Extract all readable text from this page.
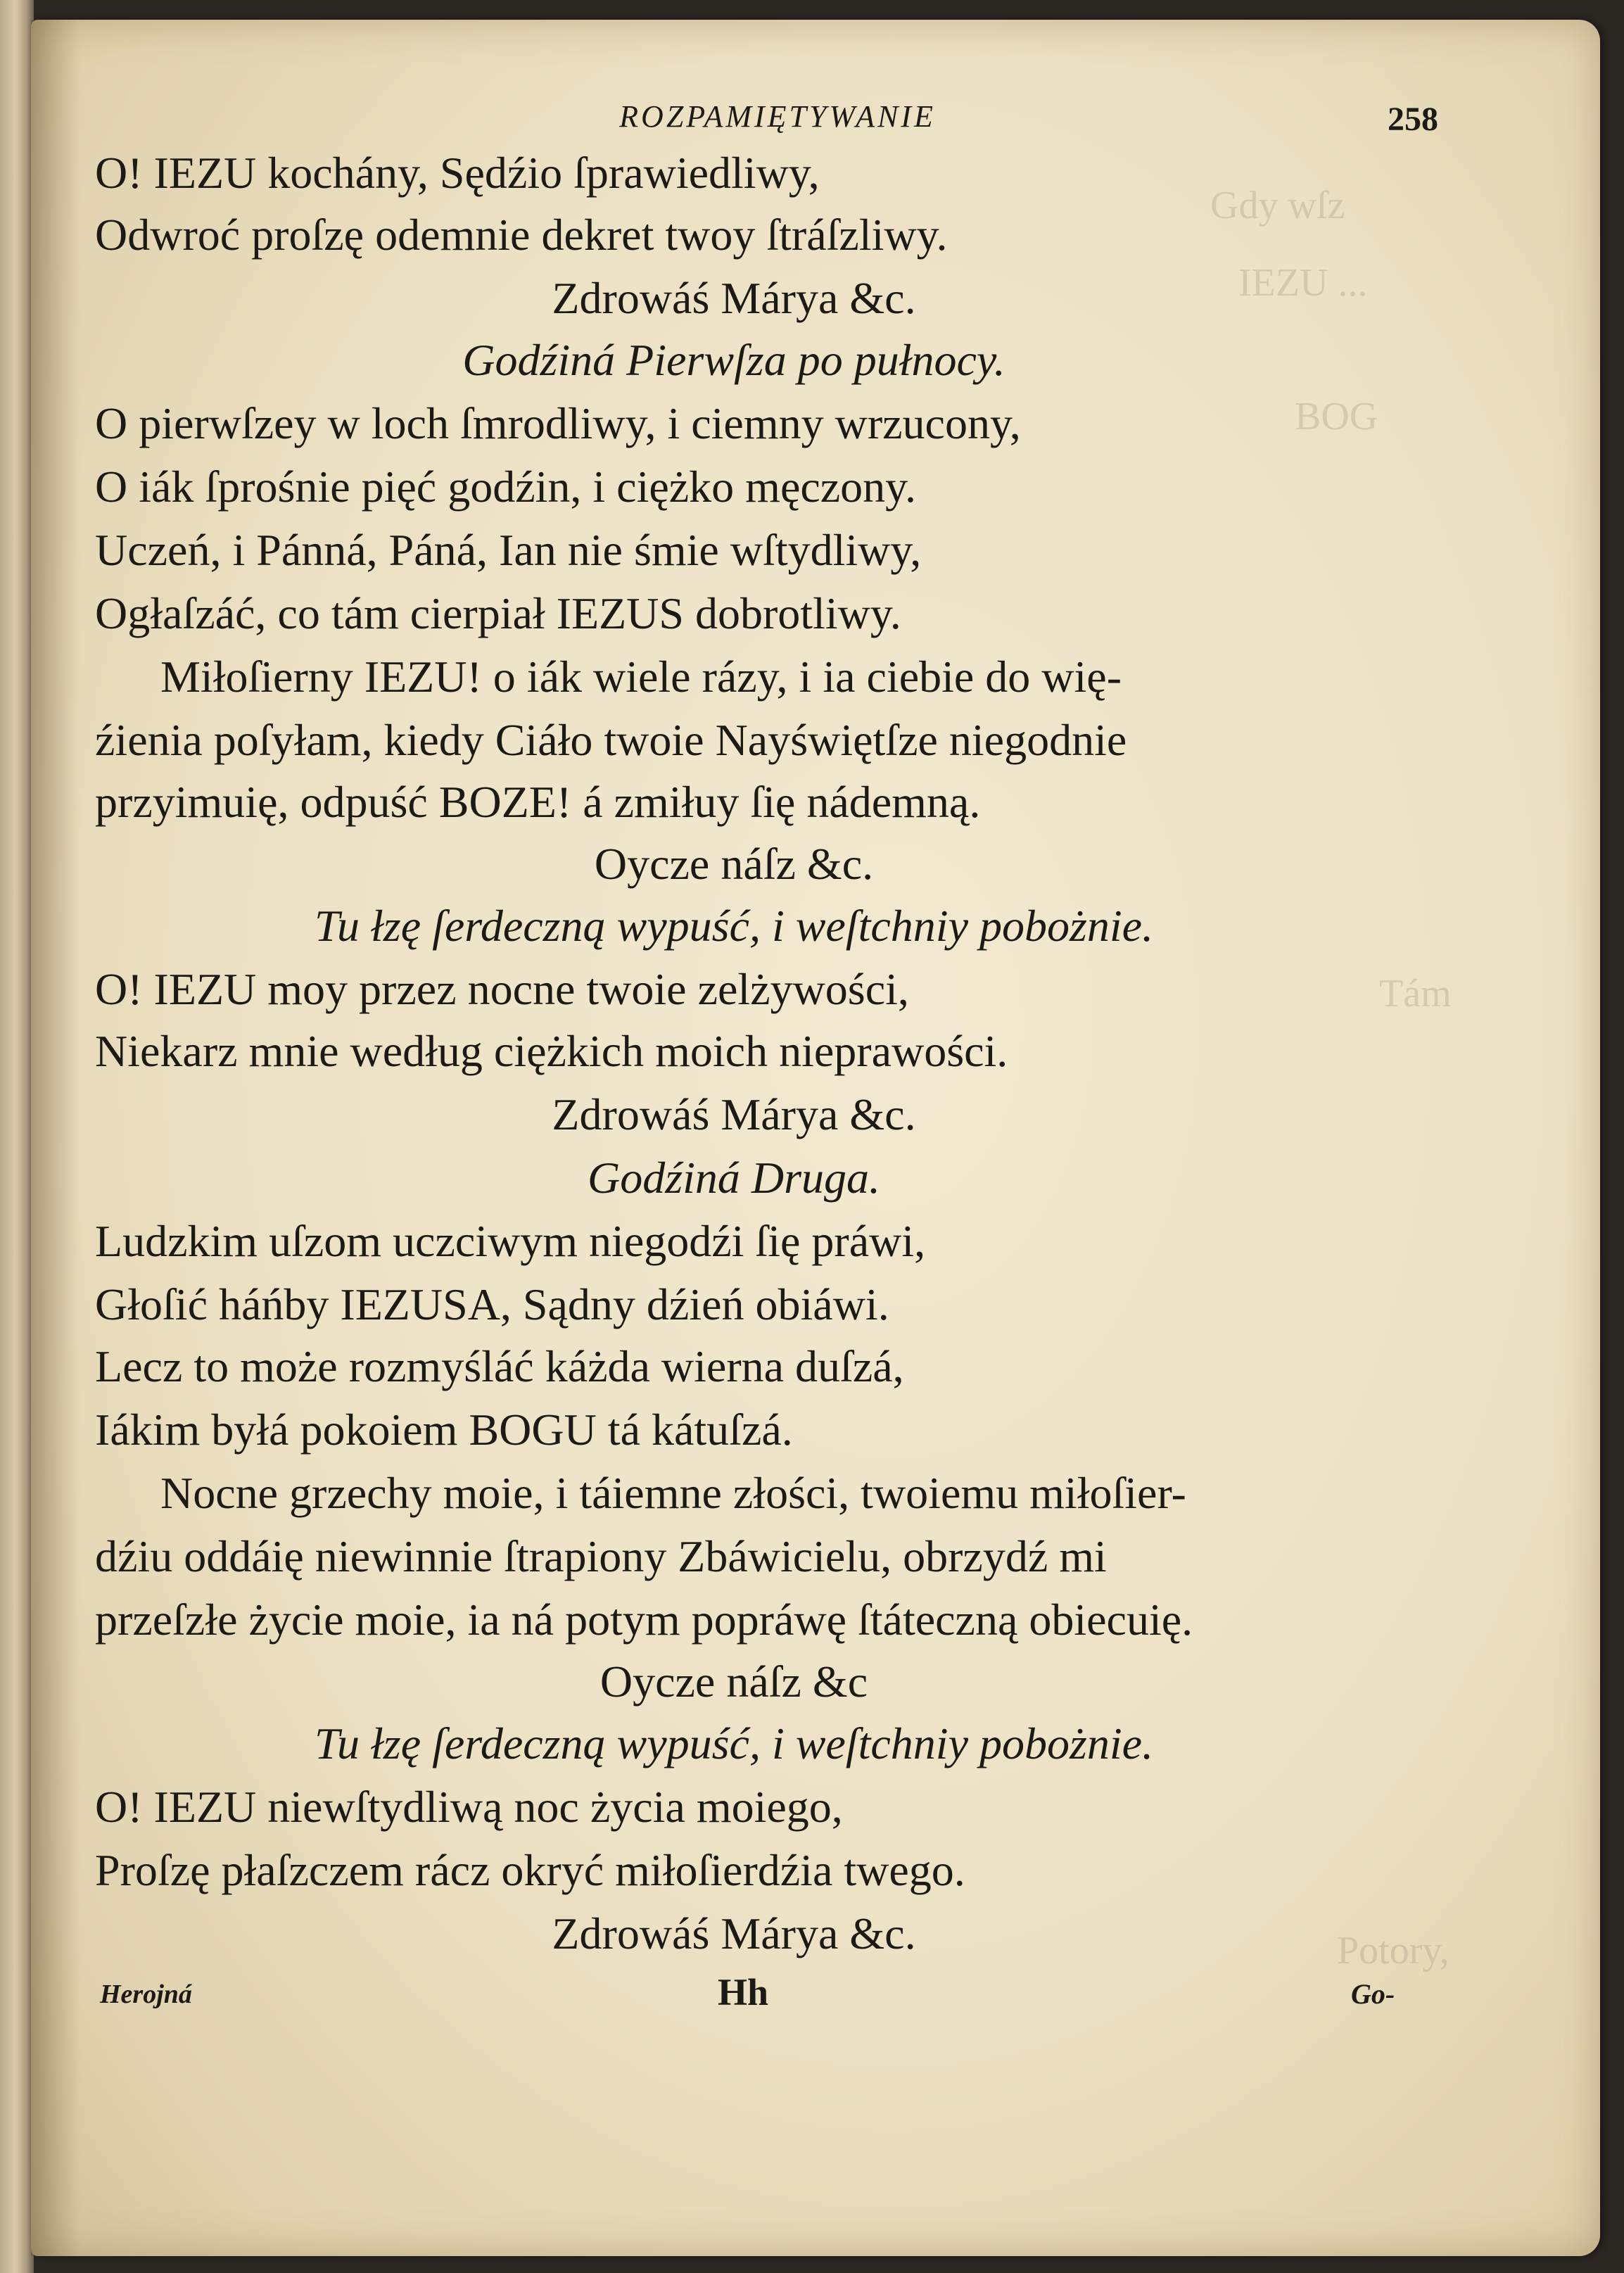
Gdy wſz
IEZU ...
BOG
Tám
Potory,
ROZPAMIĘTYWANIE	258
O! IEZU kochány, Sędźio ſprawiedliwy,
Odwroć proſzę odemnie dekret twoy ſtráſzliwy.
Zdrowáś Márya &c.
Godźiná Pierwſza po pułnocy.
O pierwſzey w loch ſmrodliwy, i ciemny wrzucony,
O iák ſprośnie pięć godźin, i ciężko męczony.
Uczeń, i Pánná, Páná, Ian nie śmie wſtydliwy,
Ogłaſzáć, co tám cierpiał IEZUS dobrotliwy.
Miłoſierny IEZU! o iák wiele rázy, i ia ciebie do wię-
źienia poſyłam, kiedy Ciáło twoie Nayświętſze niegodnie
przyimuię, odpuść BOZE! á zmiłuy ſię nádemną.
Oycze náſz &c.
Tu łzę ſerdeczną wypuść, i weſtchniy pobożnie.
O! IEZU moy przez nocne twoie zelżywości,
Niekarz mnie według ciężkich moich nieprawości.
Zdrowáś Márya &c.
Godźiná Druga.
Ludzkim uſzom uczciwym niegodźi ſię práwi,
Głoſić háńby IEZUSA, Sądny dźień obiáwi.
Lecz to może rozmyśláć káżda wierna duſzá,
Iákim byłá pokoiem BOGU tá kátuſzá.
Nocne grzechy moie, i táiemne złości, twoiemu miłoſier-
dźiu oddáię niewinnie ſtrapiony Zbáwicielu, obrzydź mi
przeſzłe życie moie, ia ná potym popráwę ſtáteczną obiecuię.
Oycze náſz &c
Tu łzę ſerdeczną wypuść, i weſtchniy pobożnie.
O! IEZU niewſtydliwą noc życia moiego,
Proſzę płaſzczem rácz okryć miłoſierdźia twego.
Zdrowáś Márya &c.
Herojná	Hh	Go-
